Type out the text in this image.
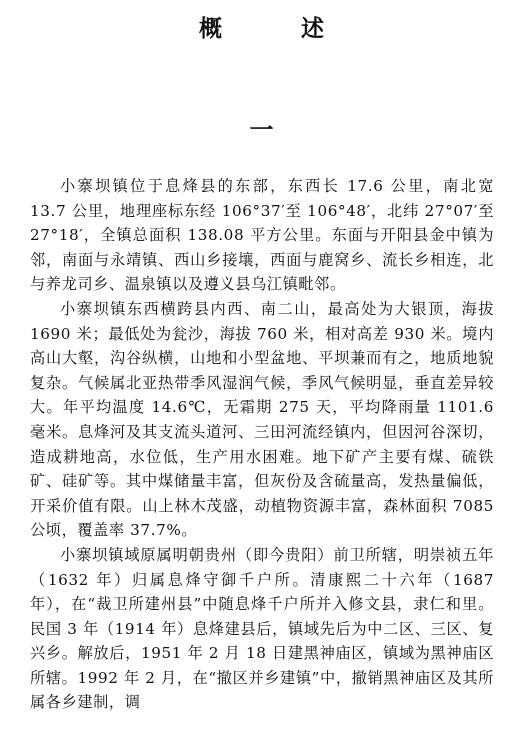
概　述
一

小寨坝镇位于息烽县的东部，东西长 17.6 公里，南北宽 13.7 公里，地理座标东经 106°37′至 106°48′，北纬 27°07′至 27°18′，全镇总面积 138.08 平方公里。东面与开阳县金中镇为邻，南面与永靖镇、西山乡接壤，西面与鹿窝乡、流长乡相连，北与养龙司乡、温泉镇以及遵义县乌江镇毗邻。

小寨坝镇东西横跨县内西、南二山，最高处为大银顶，海拔 1690 米；最低处为瓮沙，海拔 760 米，相对高差 930 米。境内高山大壑，沟谷纵横，山地和小型盆地、平坝兼而有之，地质地貌复杂。气候属北亚热带季风湿润气候，季风气候明显，垂直差异较大。年平均温度 14.6℃，无霜期 275 天，平均降雨量 1101.6 毫米。息烽河及其支流头道河、三田河流经镇内，但因河谷深切，造成耕地高，水位低，生产用水困难。地下矿产主要有煤、硫铁矿、硅矿等。其中煤储量丰富，但灰份及含硫量高，发热量偏低，开采价值有限。山上林木茂盛，动植物资源丰富，森林面积 7085 公顷，覆盖率 37.7%。

小寨坝镇域原属明朝贵州（即今贵阳）前卫所辖，明崇祯五年（1632 年）归属息烽守御千户所。清康熙二十六年（1687 年），在“裁卫所建州县”中随息烽千户所并入修文县，隶仁和里。民国 3 年（1914 年）息烽建县后，镇域先后为中二区、三区、复兴乡。解放后，1951 年 2 月 18 日建黑神庙区，镇域为黑神庙区所辖。1992 年 2 月，在“撤区并乡建镇”中，撤销黑神庙区及其所属各乡建制，调
